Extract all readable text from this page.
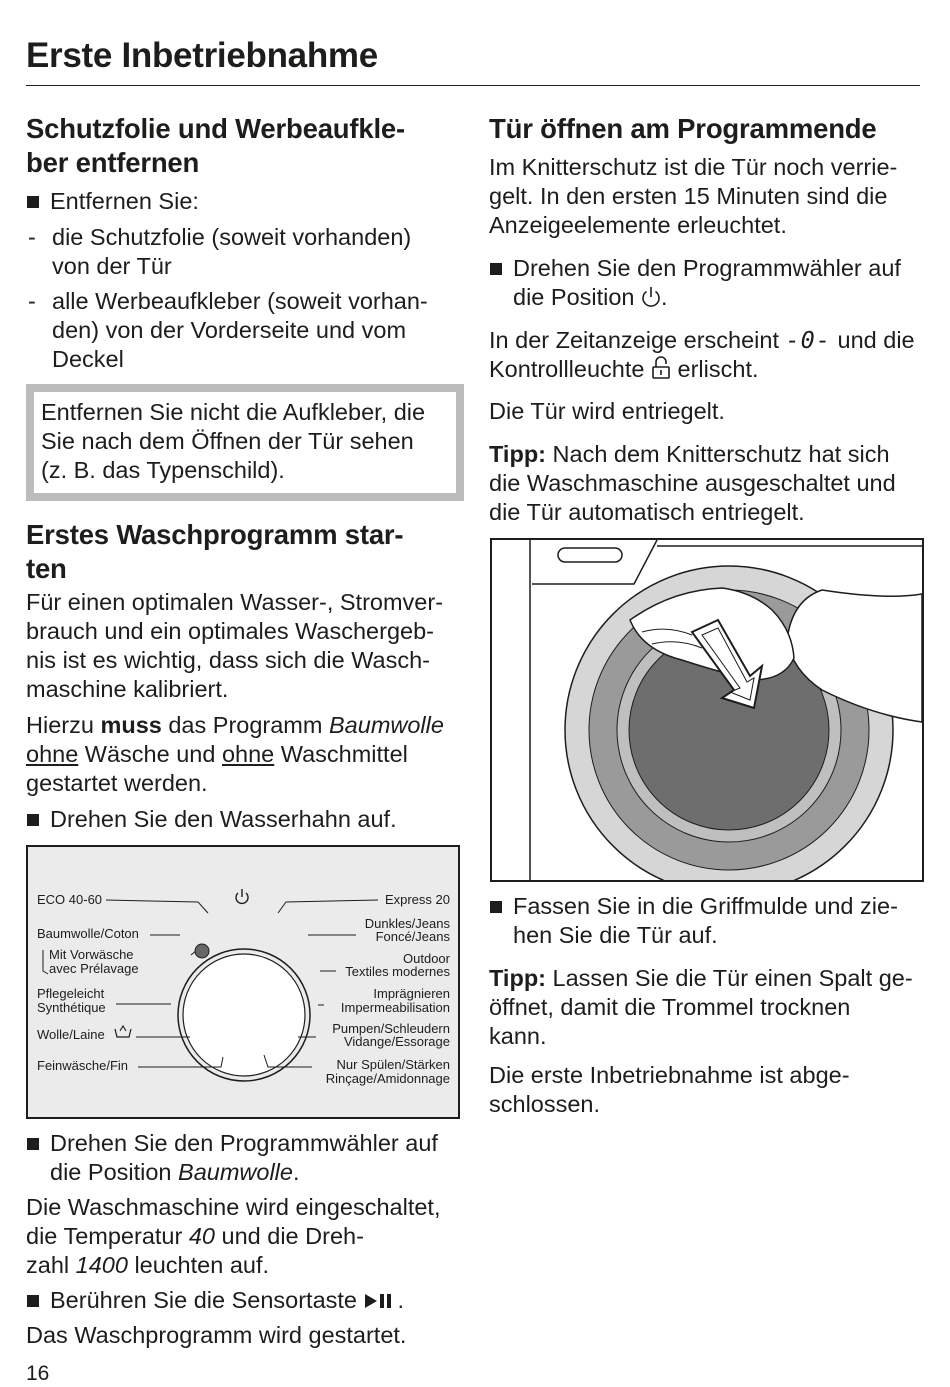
Erste Inbetriebnahme
Schutzfolie und Werbeaufkle-
ber entfernen

Entfernen Sie:

- die Schutzfolie (soweit vorhanden)
von der Tür

- alle Werbeaufkleber (soweit vorhan-
den) von der Vorderseite und vom
Deckel

Entfernen Sie nicht die Aufkleber, die
Sie nach dem Öffnen der Tür sehen
(z. B. das Typenschild).
Erstes Waschprogramm star-
ten

Für einen optimalen Wasser-, Stromver-
brauch und ein optimales Waschergeb-
nis ist es wichtig, dass sich die Wasch-
maschine kalibriert.

Hierzu muss das Programm Baumwolle
ohne Wäsche und ohne Waschmittel
gestartet werden.

Drehen Sie den Wasserhahn auf.

ECO 40-60
Baumwolle/Coton
Mit Vorwäsche
avec Prélavage
Pflegeleicht
Synthétique
Wolle/Laine
Feinwäsche/Fin
Express 20
Dunkles/Jeans
Foncé/Jeans
Outdoor
Textiles modernes
Imprägnieren
Impermeabilisation
Pumpen/Schleudern
Vidange/Essorage
Nur Spülen/Stärken
Rinçage/Amidonnage

Drehen Sie den Programmwähler auf
die Position Baumwolle.

Die Waschmaschine wird eingeschaltet,
die Temperatur 40 und die Dreh-
zahl 1400 leuchten auf.

Berühren Sie die Sensortaste .

Das Waschprogramm wird gestartet.

Tür öffnen am Programmende

Im Knitterschutz ist die Tür noch verrie-
gelt. In den ersten 15 Minuten sind die
Anzeigeelemente erleuchtet.

Drehen Sie den Programmwähler auf
die Position .

In der Zeitanzeige erscheint -0- und die
Kontrollleuchte erlischt.

Die Tür wird entriegelt.

Tipp: Nach dem Knitterschutz hat sich
die Waschmaschine ausgeschaltet und
die Tür automatisch entriegelt.

Fassen Sie in die Griffmulde und zie-
hen Sie die Tür auf.

Tipp: Lassen Sie die Tür einen Spalt ge-
öffnet, damit die Trommel trocknen
kann.

Die erste Inbetriebnahme ist abge-
schlossen.

16
